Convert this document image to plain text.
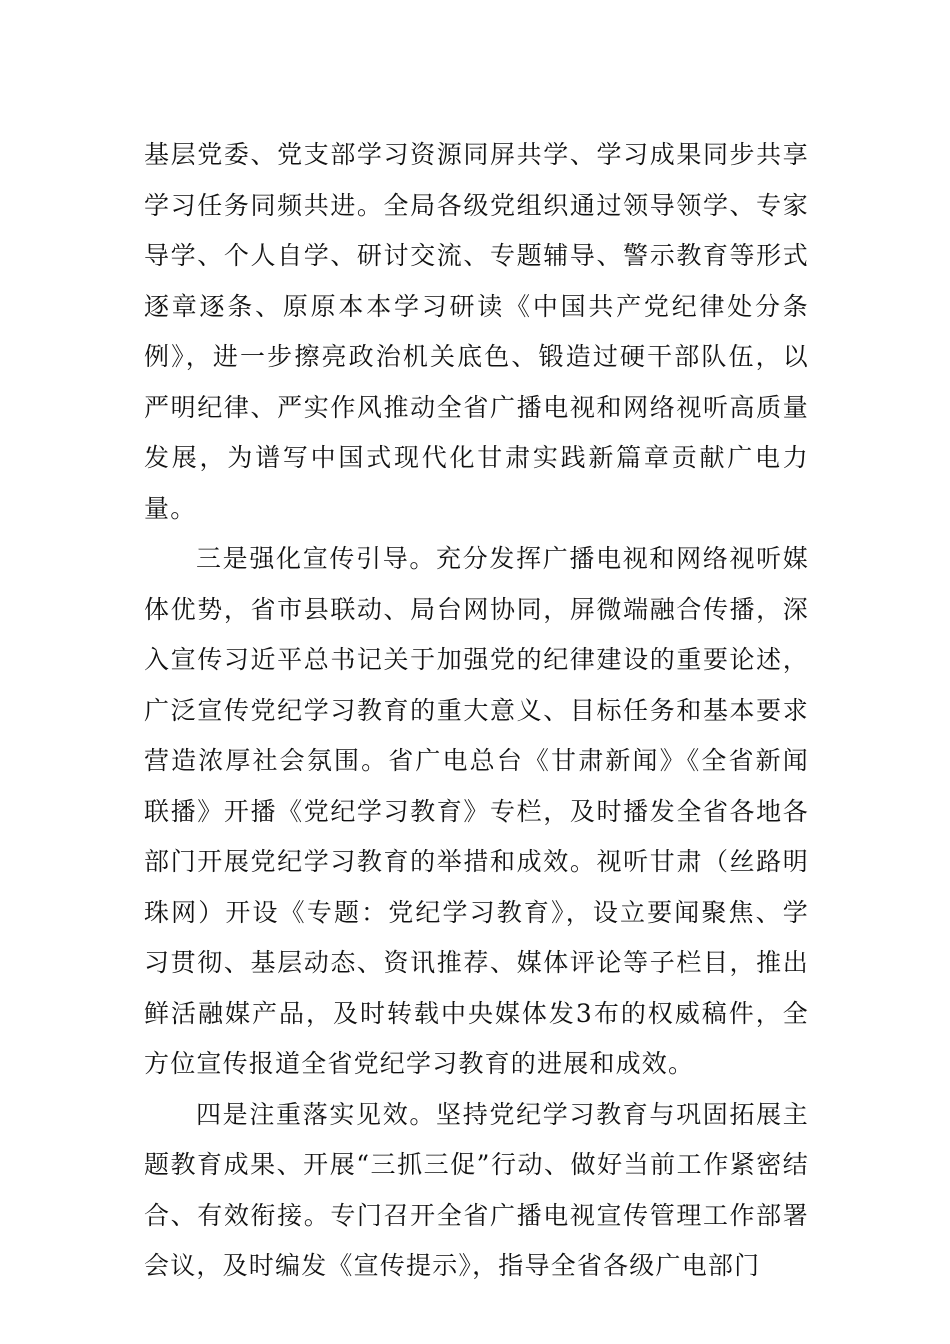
基层党委、党支部学习资源同屏共学、学习成果同步共享学习任务同频共进。全局各级党组织通过领导领学、专家导学、个人自学、研讨交流、专题辅导、警示教育等形式逐章逐条、原原本本学习研读《中国共产党纪律处分条例》，进一步擦亮政治机关底色、锻造过硬干部队伍，以严明纪律、严实作风推动全省广播电视和网络视听高质量发展，为谱写中国式现代化甘肃实践新篇章贡献广电力量。

三是强化宣传引导。充分发挥广播电视和网络视听媒体优势，省市县联动、局台网协同，屏微端融合传播，深入宣传习近平总书记关于加强党的纪律建设的重要论述，广泛宣传党纪学习教育的重大意义、目标任务和基本要求营造浓厚社会氛围。省广电总台《甘肃新闻》《全省新闻联播》开播《党纪学习教育》专栏，及时播发全省各地各部门开展党纪学习教育的举措和成效。视听甘肃（丝路明珠网）开设《专题：党纪学习教育》，设立要闻聚焦、学习贯彻、基层动态、资讯推荐、媒体评论等子栏目，推出鲜活融媒产品，及时转载中央媒体发3布的权威稿件，全方位宣传报道全省党纪学习教育的进展和成效。

四是注重落实见效。坚持党纪学习教育与巩固拓展主题教育成果、开展“三抓三促”行动、做好当前工作紧密结合、有效衔接。专门召开全省广播电视宣传管理工作部署会议，及时编发《宣传提示》，指导全省各级广电部门
